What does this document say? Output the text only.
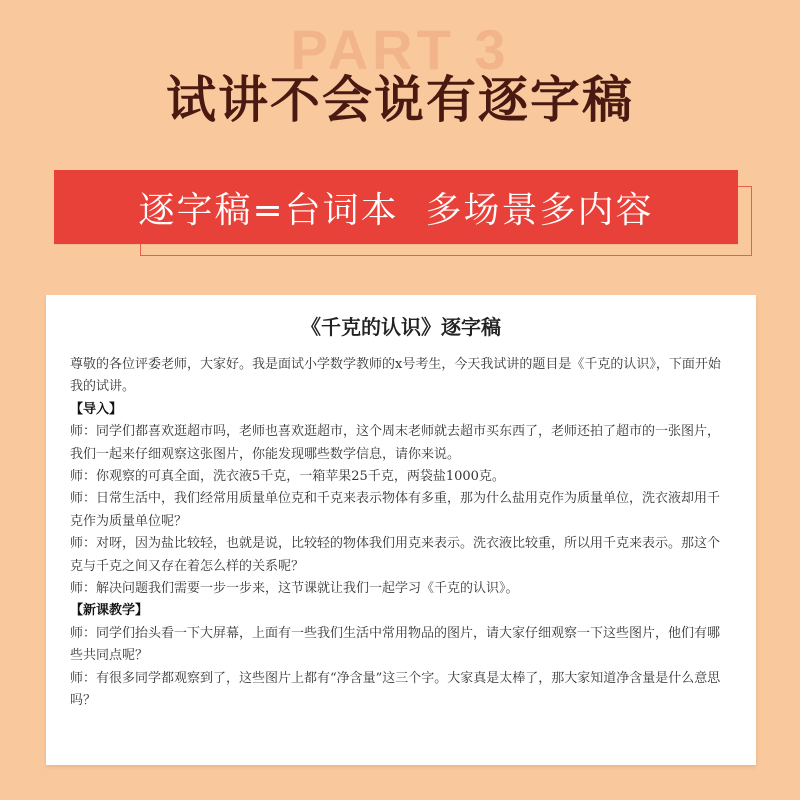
PART 3
试讲不会说有逐字稿
逐字稿=台词本  多场景多内容
《千克的认识》逐字稿

尊敬的各位评委老师，大家好。我是面试小学数学教师的x号考生，今天我试讲的题目是《千克的认识》，下面开始我的试讲。

【导入】

师：同学们都喜欢逛超市吗，老师也喜欢逛超市，这个周末老师就去超市买东西了，老师还拍了超市的一张图片，我们一起来仔细观察这张图片，你能发现哪些数学信息，请你来说。

师：你观察的可真全面，洗衣液5千克，一箱苹果25千克，两袋盐1000克。

师：日常生活中，我们经常用质量单位克和千克来表示物体有多重，那为什么盐用克作为质量单位，洗衣液却用千克作为质量单位呢？

师：对呀，因为盐比较轻，也就是说，比较轻的物体我们用克来表示。洗衣液比较重，所以用千克来表示。那这个克与千克之间又存在着怎么样的关系呢？

师：解决问题我们需要一步一步来，这节课就让我们一起学习《千克的认识》。

【新课教学】

师：同学们抬头看一下大屏幕，上面有一些我们生活中常用物品的图片，请大家仔细观察一下这些图片，他们有哪些共同点呢？

师：有很多同学都观察到了，这些图片上都有“净含量”这三个字。大家真是太棒了，那大家知道净含量是什么意思吗？
